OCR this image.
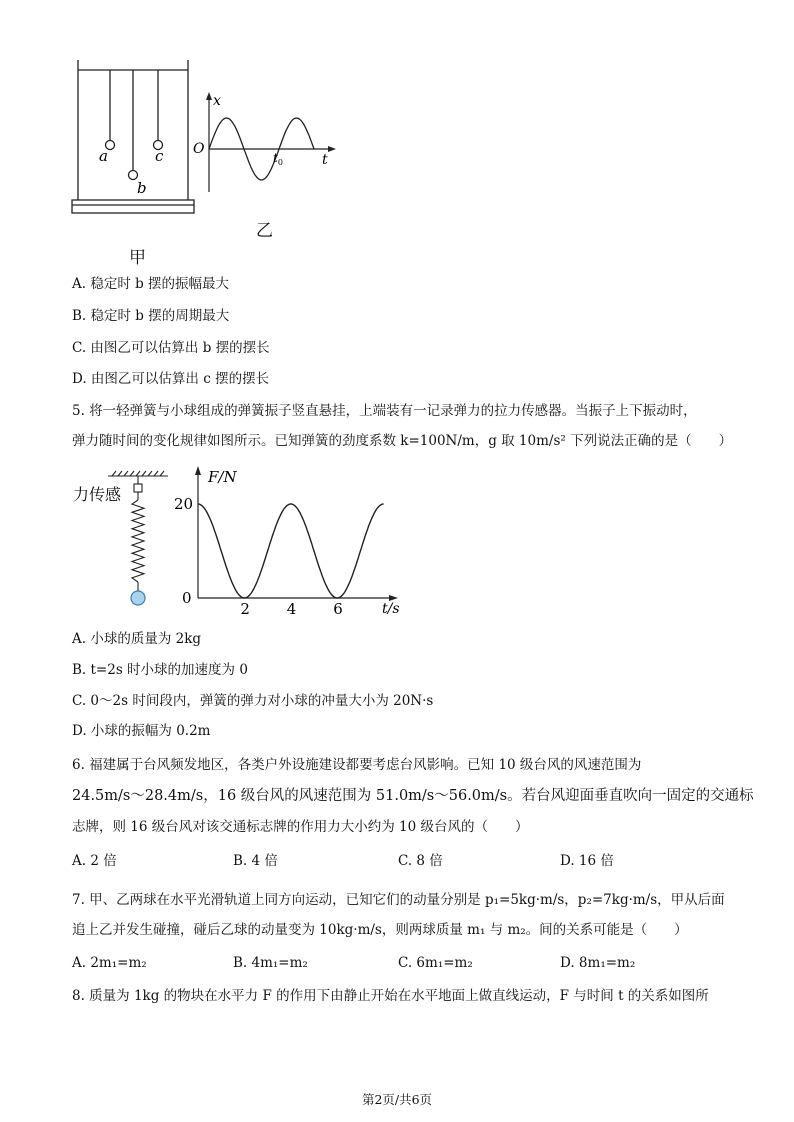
a
b
c
甲
x
O
t
$t_0$
乙
A. 稳定时 b 摆的振幅最大
B. 稳定时 b 摆的周期最大
C. 由图乙可以估算出 b 摆的摆长
D. 由图乙可以估算出 c 摆的摆长
5. 将一轻弹簧与小球组成的弹簧振子竖直悬挂，上端装有一记录弹力的拉力传感器。当振子上下振动时，
弹力随时间的变化规律如图所示。已知弹簧的劲度系数 k=100N/m，g 取 10m/s² 下列说法正确的是（　　）
力传感
2 4 6
20
0
F/N
t/s
A. 小球的质量为 2kg
B. t=2s 时小球的加速度为 0
C. 0～2s 时间段内，弹簧的弹力对小球的冲量大小为 20N·s
D. 小球的振幅为 0.2m
6. 福建属于台风频发地区，各类户外设施建设都要考虑台风影响。已知 10 级台风的风速范围为
24.5m/s～28.4m/s，16 级台风的风速范围为 51.0m/s～56.0m/s。若台风迎面垂直吹向一固定的交通标
志牌，则 16 级台风对该交通标志牌的作用力大小约为 10 级台风的（　　）
A. 2 倍	B. 4 倍	C. 8 倍	D. 16 倍
7. 甲、乙两球在水平光滑轨道上同方向运动，已知它们的动量分别是 p₁=5kg·m/s，p₂=7kg·m/s，甲从后面
追上乙并发生碰撞，碰后乙球的动量变为 10kg·m/s，则两球质量 m₁ 与 m₂。间的关系可能是（　　）
A. 2m₁=m₂	B. 4m₁=m₂	C. 6m₁=m₂	D. 8m₁=m₂
8. 质量为 1kg 的物块在水平力 F 的作用下由静止开始在水平地面上做直线运动，F 与时间 t 的关系如图所
第2页/共6页
